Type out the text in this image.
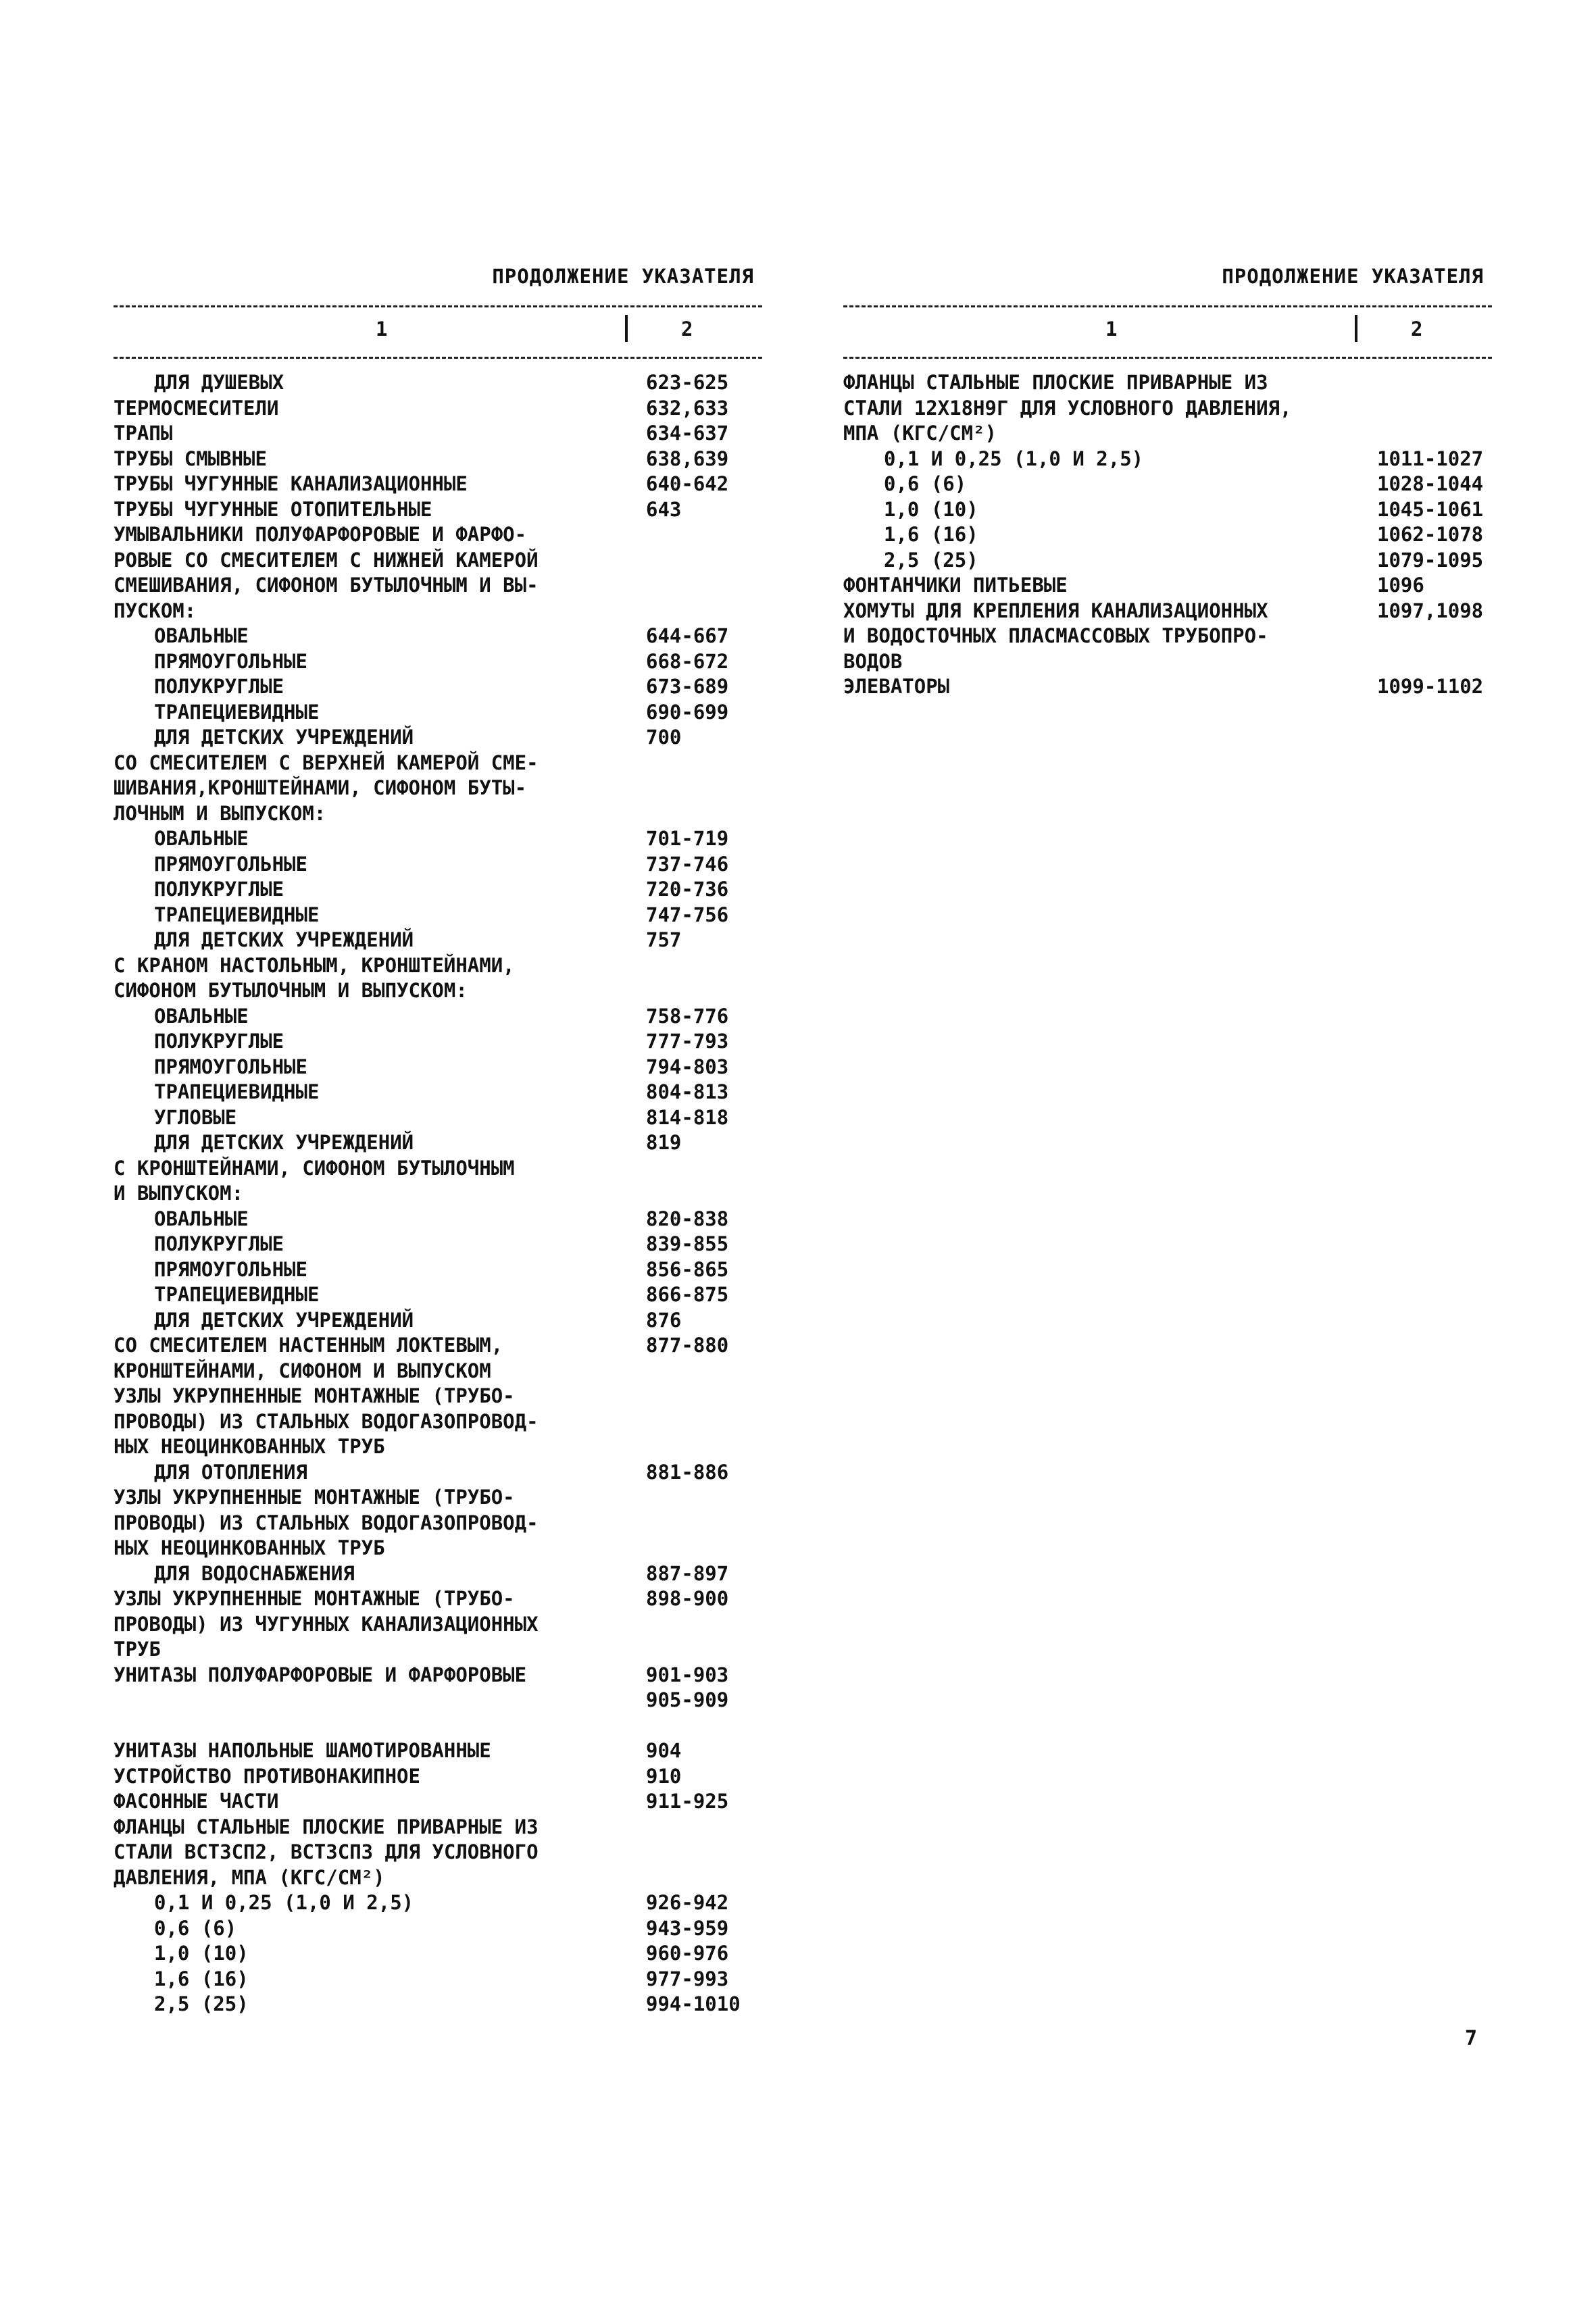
ПРОДОЛЖЕНИЕ УКАЗАТЕЛЯ
1	2
ДЛЯ ДУШЕВЫХ	623-625
ТЕРМОСМЕСИТЕЛИ	632,633
ТРАПЫ	634-637
ТРУБЫ СМЫВНЫЕ	638,639
ТРУБЫ ЧУГУННЫЕ КАНАЛИЗАЦИОННЫЕ	640-642
ТРУБЫ ЧУГУННЫЕ ОТОПИТЕЛЬНЫЕ	643
УМЫВАЛЬНИКИ ПОЛУФАРФОРОВЫЕ И ФАРФО-
РОВЫЕ СО СМЕСИТЕЛЕМ С НИЖНЕЙ КАМЕРОЙ
СМЕШИВАНИЯ, СИФОНОМ БУТЫЛОЧНЫМ И ВЫ-
ПУСКОМ:
ОВАЛЬНЫЕ	644-667
ПРЯМОУГОЛЬНЫЕ	668-672
ПОЛУКРУГЛЫЕ	673-689
ТРАПЕЦИЕВИДНЫЕ	690-699
ДЛЯ ДЕТСКИХ УЧРЕЖДЕНИЙ	700
СО СМЕСИТЕЛЕМ С ВЕРХНЕЙ КАМЕРОЙ СМЕ-
ШИВАНИЯ,КРОНШТЕЙНАМИ, СИФОНОМ БУТЫ-
ЛОЧНЫМ И ВЫПУСКОМ:
ОВАЛЬНЫЕ	701-719
ПРЯМОУГОЛЬНЫЕ	737-746
ПОЛУКРУГЛЫЕ	720-736
ТРАПЕЦИЕВИДНЫЕ	747-756
ДЛЯ ДЕТСКИХ УЧРЕЖДЕНИЙ	757
С КРАНОМ НАСТОЛЬНЫМ, КРОНШТЕЙНАМИ,
СИФОНОМ БУТЫЛОЧНЫМ И ВЫПУСКОМ:
ОВАЛЬНЫЕ	758-776
ПОЛУКРУГЛЫЕ	777-793
ПРЯМОУГОЛЬНЫЕ	794-803
ТРАПЕЦИЕВИДНЫЕ	804-813
УГЛОВЫЕ	814-818
ДЛЯ ДЕТСКИХ УЧРЕЖДЕНИЙ	819
С КРОНШТЕЙНАМИ, СИФОНОМ БУТЫЛОЧНЫМ
И ВЫПУСКОМ:
ОВАЛЬНЫЕ	820-838
ПОЛУКРУГЛЫЕ	839-855
ПРЯМОУГОЛЬНЫЕ	856-865
ТРАПЕЦИЕВИДНЫЕ	866-875
ДЛЯ ДЕТСКИХ УЧРЕЖДЕНИЙ	876
СО СМЕСИТЕЛЕМ НАСТЕННЫМ ЛОКТЕВЫМ,	877-880
КРОНШТЕЙНАМИ, СИФОНОМ И ВЫПУСКОМ
УЗЛЫ УКРУПНЕННЫЕ МОНТАЖНЫЕ (ТРУБО-
ПРОВОДЫ) ИЗ СТАЛЬНЫХ ВОДОГАЗОПРОВОД-
НЫХ НЕОЦИНКОВАННЫХ ТРУБ
ДЛЯ ОТОПЛЕНИЯ	881-886
УЗЛЫ УКРУПНЕННЫЕ МОНТАЖНЫЕ (ТРУБО-
ПРОВОДЫ) ИЗ СТАЛЬНЫХ ВОДОГАЗОПРОВОД-
НЫХ НЕОЦИНКОВАННЫХ ТРУБ
ДЛЯ ВОДОСНАБЖЕНИЯ	887-897
УЗЛЫ УКРУПНЕННЫЕ МОНТАЖНЫЕ (ТРУБО-	898-900
ПРОВОДЫ) ИЗ ЧУГУННЫХ КАНАЛИЗАЦИОННЫХ
ТРУБ
УНИТАЗЫ ПОЛУФАРФОРОВЫЕ И ФАРФОРОВЫЕ	901-903
905-909
УНИТАЗЫ НАПОЛЬНЫЕ ШАМОТИРОВАННЫЕ	904
УСТРОЙСТВО ПРОТИВОНАКИПНОЕ	910
ФАСОННЫЕ ЧАСТИ	911-925
ФЛАНЦЫ СТАЛЬНЫЕ ПЛОСКИЕ ПРИВАРНЫЕ ИЗ
СТАЛИ ВСТ3СП2, ВСТ3СП3 ДЛЯ УСЛОВНОГО
ДАВЛЕНИЯ, МПА (КГС/СМ²)
0,1 И 0,25 (1,0 И 2,5)	926-942
0,6 (6)	943-959
1,0 (10)	960-976
1,6 (16)	977-993
2,5 (25)	994-1010
ПРОДОЛЖЕНИЕ УКАЗАТЕЛЯ
1	2
ФЛАНЦЫ СТАЛЬНЫЕ ПЛОСКИЕ ПРИВАРНЫЕ ИЗ
СТАЛИ 12Х18Н9Г ДЛЯ УСЛОВНОГО ДАВЛЕНИЯ,
МПА (КГС/СМ²)
0,1 И 0,25 (1,0 И 2,5)	1011-1027
0,6 (6)	1028-1044
1,0 (10)	1045-1061
1,6 (16)	1062-1078
2,5 (25)	1079-1095
ФОНТАНЧИКИ ПИТЬЕВЫЕ	1096
ХОМУТЫ ДЛЯ КРЕПЛЕНИЯ КАНАЛИЗАЦИОННЫХ	1097,1098
И ВОДОСТОЧНЫХ ПЛАСМАССОВЫХ ТРУБОПРО-
ВОДОВ
ЭЛЕВАТОРЫ	1099-1102
7
